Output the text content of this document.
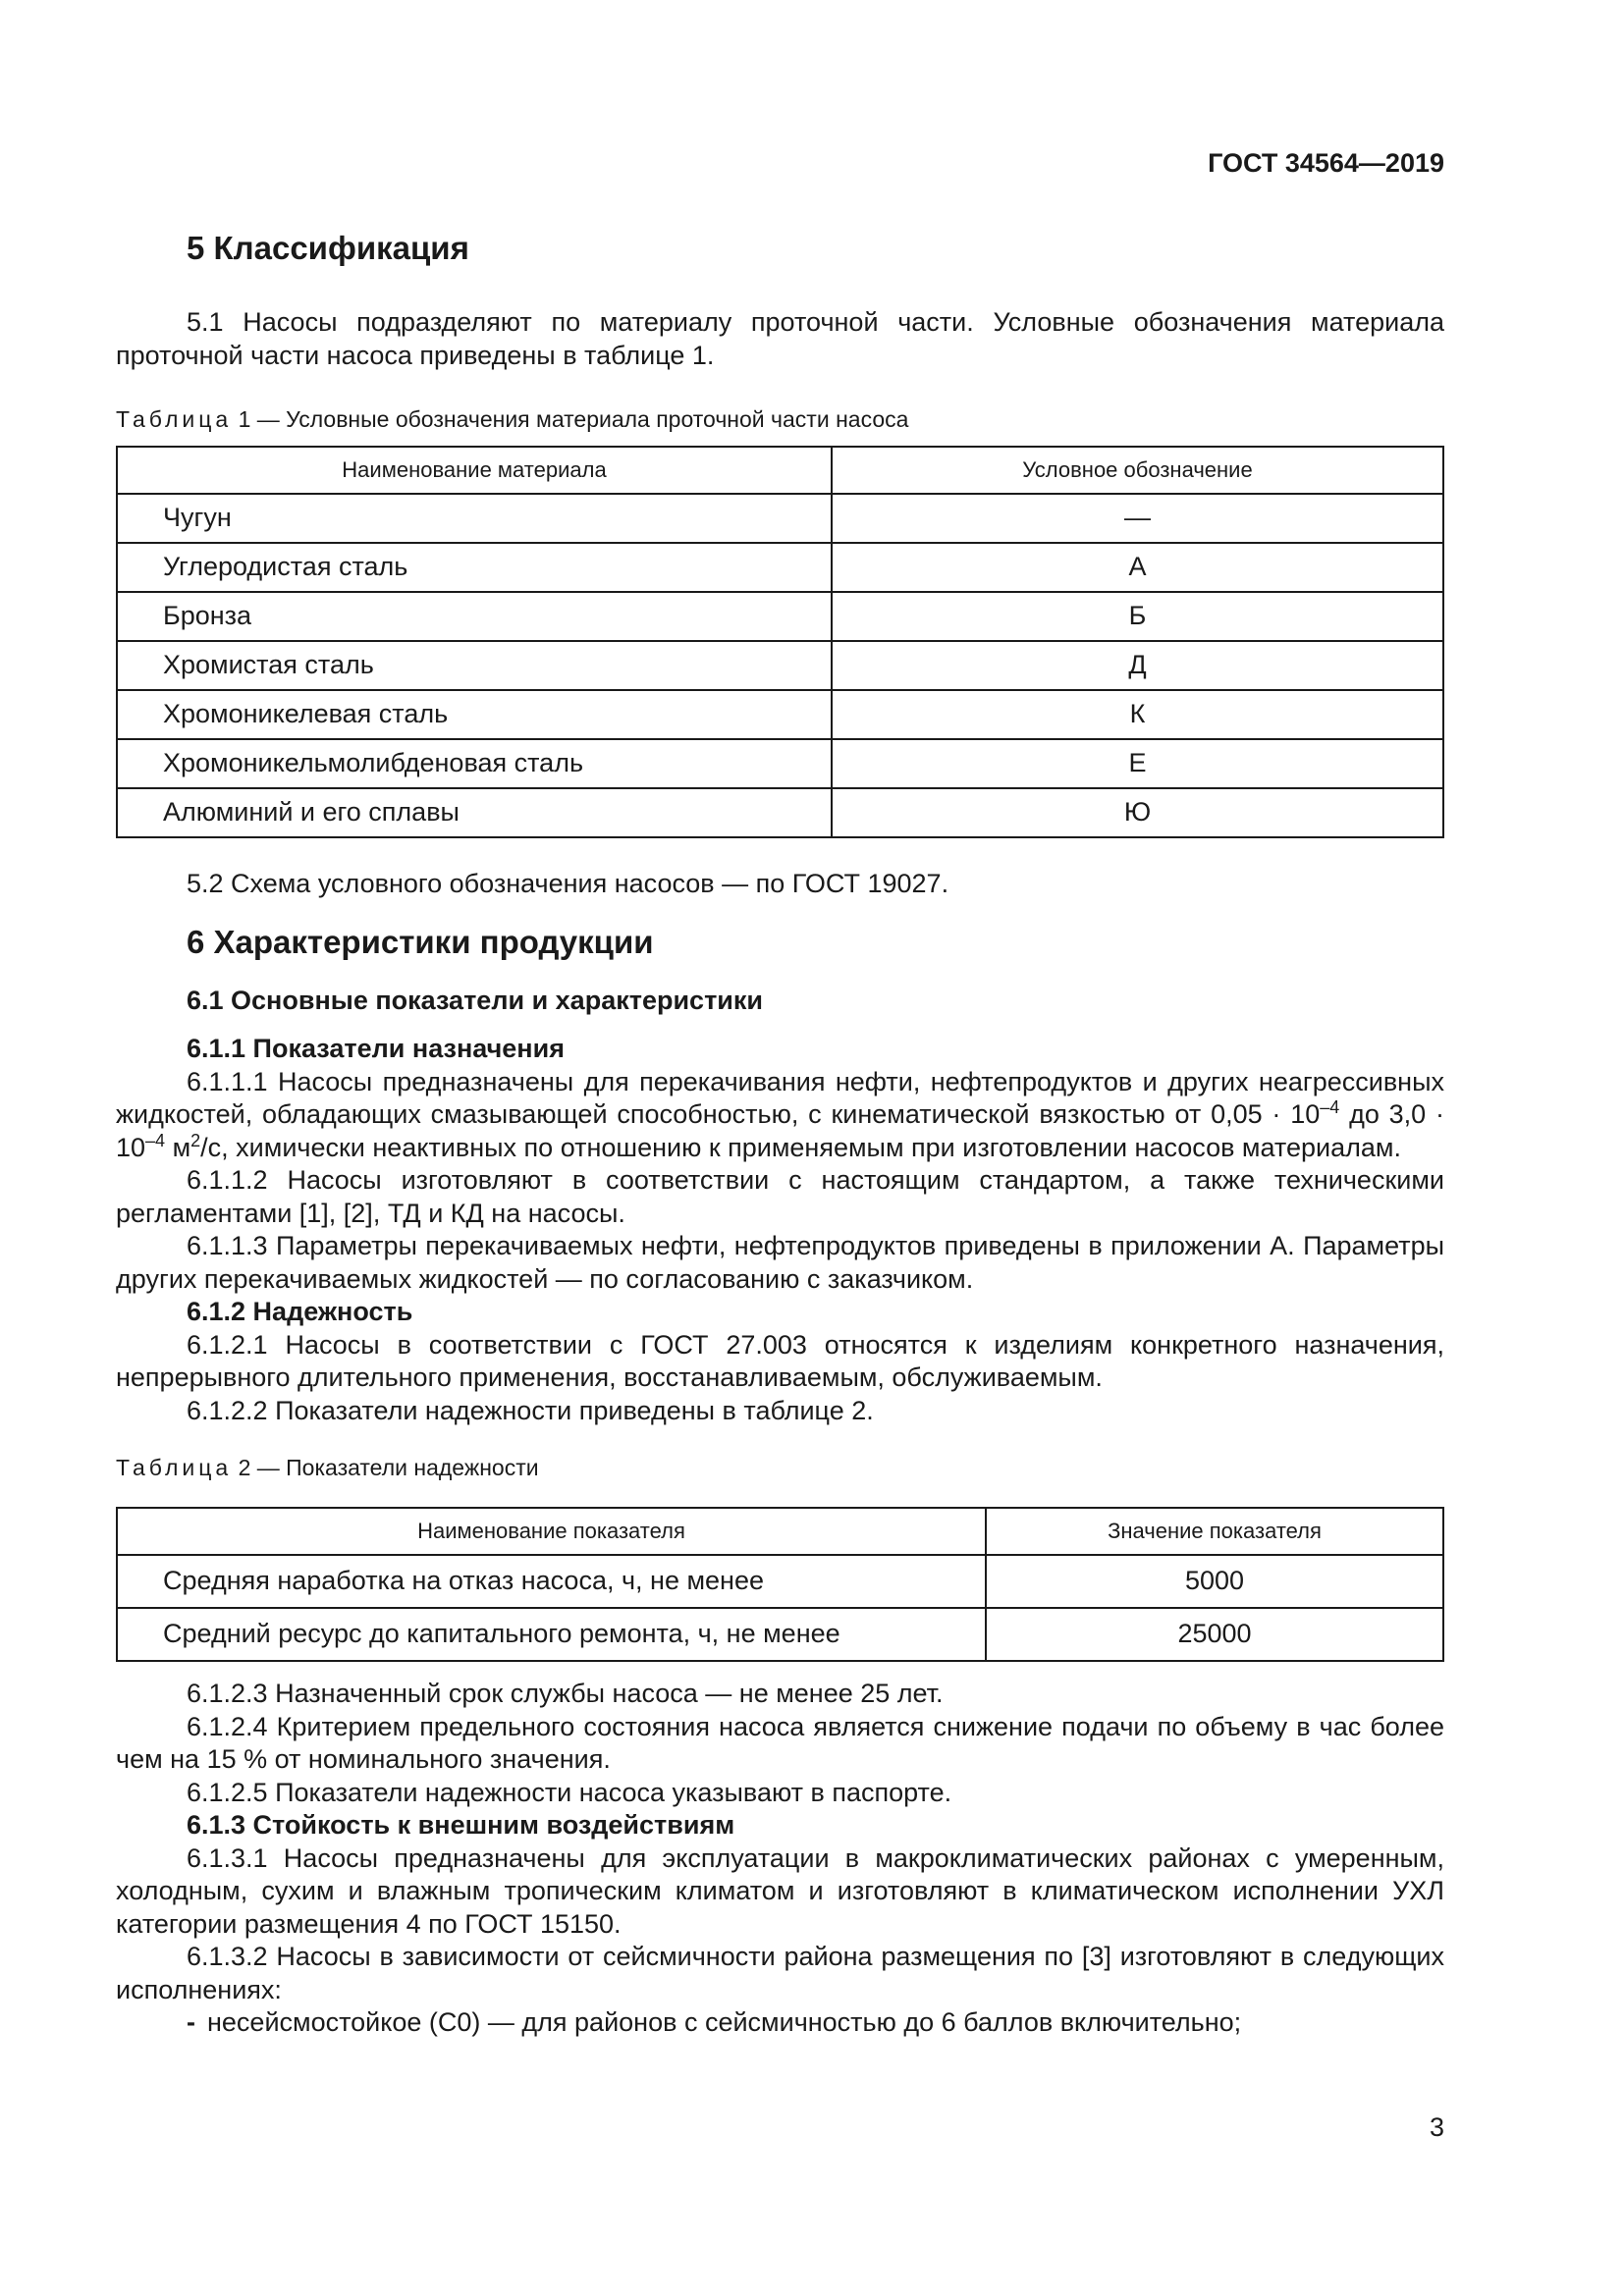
ГОСТ 34564—2019
5 Классификация

5.1 Насосы подразделяют по материалу проточной части. Условные обозначения материала проточной части насоса приведены в таблице 1.

Таблица 1 — Условные обозначения материала проточной части насоса
Наименование материала	Условное обозначение
Чугун	—
Углеродистая сталь	А
Бронза	Б
Хромистая сталь	Д
Хромоникелевая сталь	К
Хромоникельмолибденовая сталь	Е
Алюминий и его сплавы	Ю

5.2 Схема условного обозначения насосов — по ГОСТ 19027.

6 Характеристики продукции
6.1 Основные показатели и характеристики
6.1.1 Показатели назначения

6.1.1.1 Насосы предназначены для перекачивания нефти, нефтепродуктов и других неагрессивных жидкостей, обладающих смазывающей способностью, с кинематической вязкостью от $0,05 \cdot 10^{-4}$ до $3,0 \cdot 10^{-4}$ $м^2/с$, химически неактивных по отношению к применяемым при изготовлении насосов материалам.

6.1.1.2 Насосы изготовляют в соответствии с настоящим стандартом, а также техническими регламентами [1], [2], ТД и КД на насосы.

6.1.1.3 Параметры перекачиваемых нефти, нефтепродуктов приведены в приложении А. Параметры других перекачиваемых жидкостей — по согласованию с заказчиком.

6.1.2 Надежность

6.1.2.1 Насосы в соответствии с ГОСТ 27.003 относятся к изделиям конкретного назначения, непрерывного длительного применения, восстанавливаемым, обслуживаемым.

6.1.2.2 Показатели надежности приведены в таблице 2.

Таблица 2 — Показатели надежности
Наименование показателя	Значение показателя
Средняя наработка на отказ насоса, ч, не менее	5000
Средний ресурс до капитального ремонта, ч, не менее	25000

6.1.2.3 Назначенный срок службы насоса — не менее 25 лет.

6.1.2.4 Критерием предельного состояния насоса является снижение подачи по объему в час более чем на 15 % от номинального значения.

6.1.2.5 Показатели надежности насоса указывают в паспорте.

6.1.3 Стойкость к внешним воздействиям

6.1.3.1 Насосы предназначены для эксплуатации в макроклиматических районах с умеренным, холодным, сухим и влажным тропическим климатом и изготовляют в климатическом исполнении УХЛ категории размещения 4 по ГОСТ 15150.

6.1.3.2 Насосы в зависимости от сейсмичности района размещения по [3] изготовляют в следующих исполнениях:

- несейсмостойкое (С0) — для районов с сейсмичностью до 6 баллов включительно;
3
